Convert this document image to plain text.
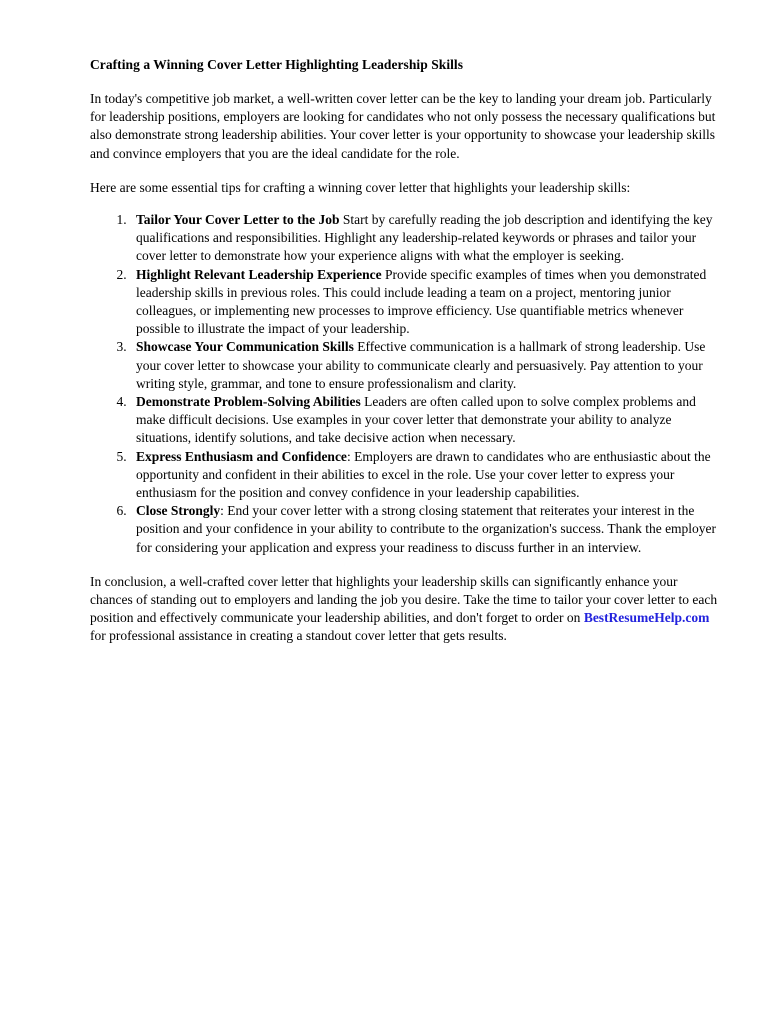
Crafting a Winning Cover Letter Highlighting Leadership Skills

In today's competitive job market, a well-written cover letter can be the key to landing your dream job. Particularly for leadership positions, employers are looking for candidates who not only possess the necessary qualifications but also demonstrate strong leadership abilities. Your cover letter is your opportunity to showcase your leadership skills and convince employers that you are the ideal candidate for the role.

Here are some essential tips for crafting a winning cover letter that highlights your leadership skills:

1. Tailor Your Cover Letter to the Job Start by carefully reading the job description and identifying the key qualifications and responsibilities. Highlight any leadership-related keywords or phrases and tailor your cover letter to demonstrate how your experience aligns with what the employer is seeking.
2. Highlight Relevant Leadership Experience Provide specific examples of times when you demonstrated leadership skills in previous roles. This could include leading a team on a project, mentoring junior colleagues, or implementing new processes to improve efficiency. Use quantifiable metrics whenever possible to illustrate the impact of your leadership.
3. Showcase Your Communication Skills Effective communication is a hallmark of strong leadership. Use your cover letter to showcase your ability to communicate clearly and persuasively. Pay attention to your writing style, grammar, and tone to ensure professionalism and clarity.
4. Demonstrate Problem-Solving Abilities Leaders are often called upon to solve complex problems and make difficult decisions. Use examples in your cover letter that demonstrate your ability to analyze situations, identify solutions, and take decisive action when necessary.
5. Express Enthusiasm and Confidence: Employers are drawn to candidates who are enthusiastic about the opportunity and confident in their abilities to excel in the role. Use your cover letter to express your enthusiasm for the position and convey confidence in your leadership capabilities.
6. Close Strongly: End your cover letter with a strong closing statement that reiterates your interest in the position and your confidence in your ability to contribute to the organization's success. Thank the employer for considering your application and express your readiness to discuss further in an interview.

In conclusion, a well-crafted cover letter that highlights your leadership skills can significantly enhance your chances of standing out to employers and landing the job you desire. Take the time to tailor your cover letter to each position and effectively communicate your leadership abilities, and don't forget to order on BestResumeHelp.com for professional assistance in creating a standout cover letter that gets results.
